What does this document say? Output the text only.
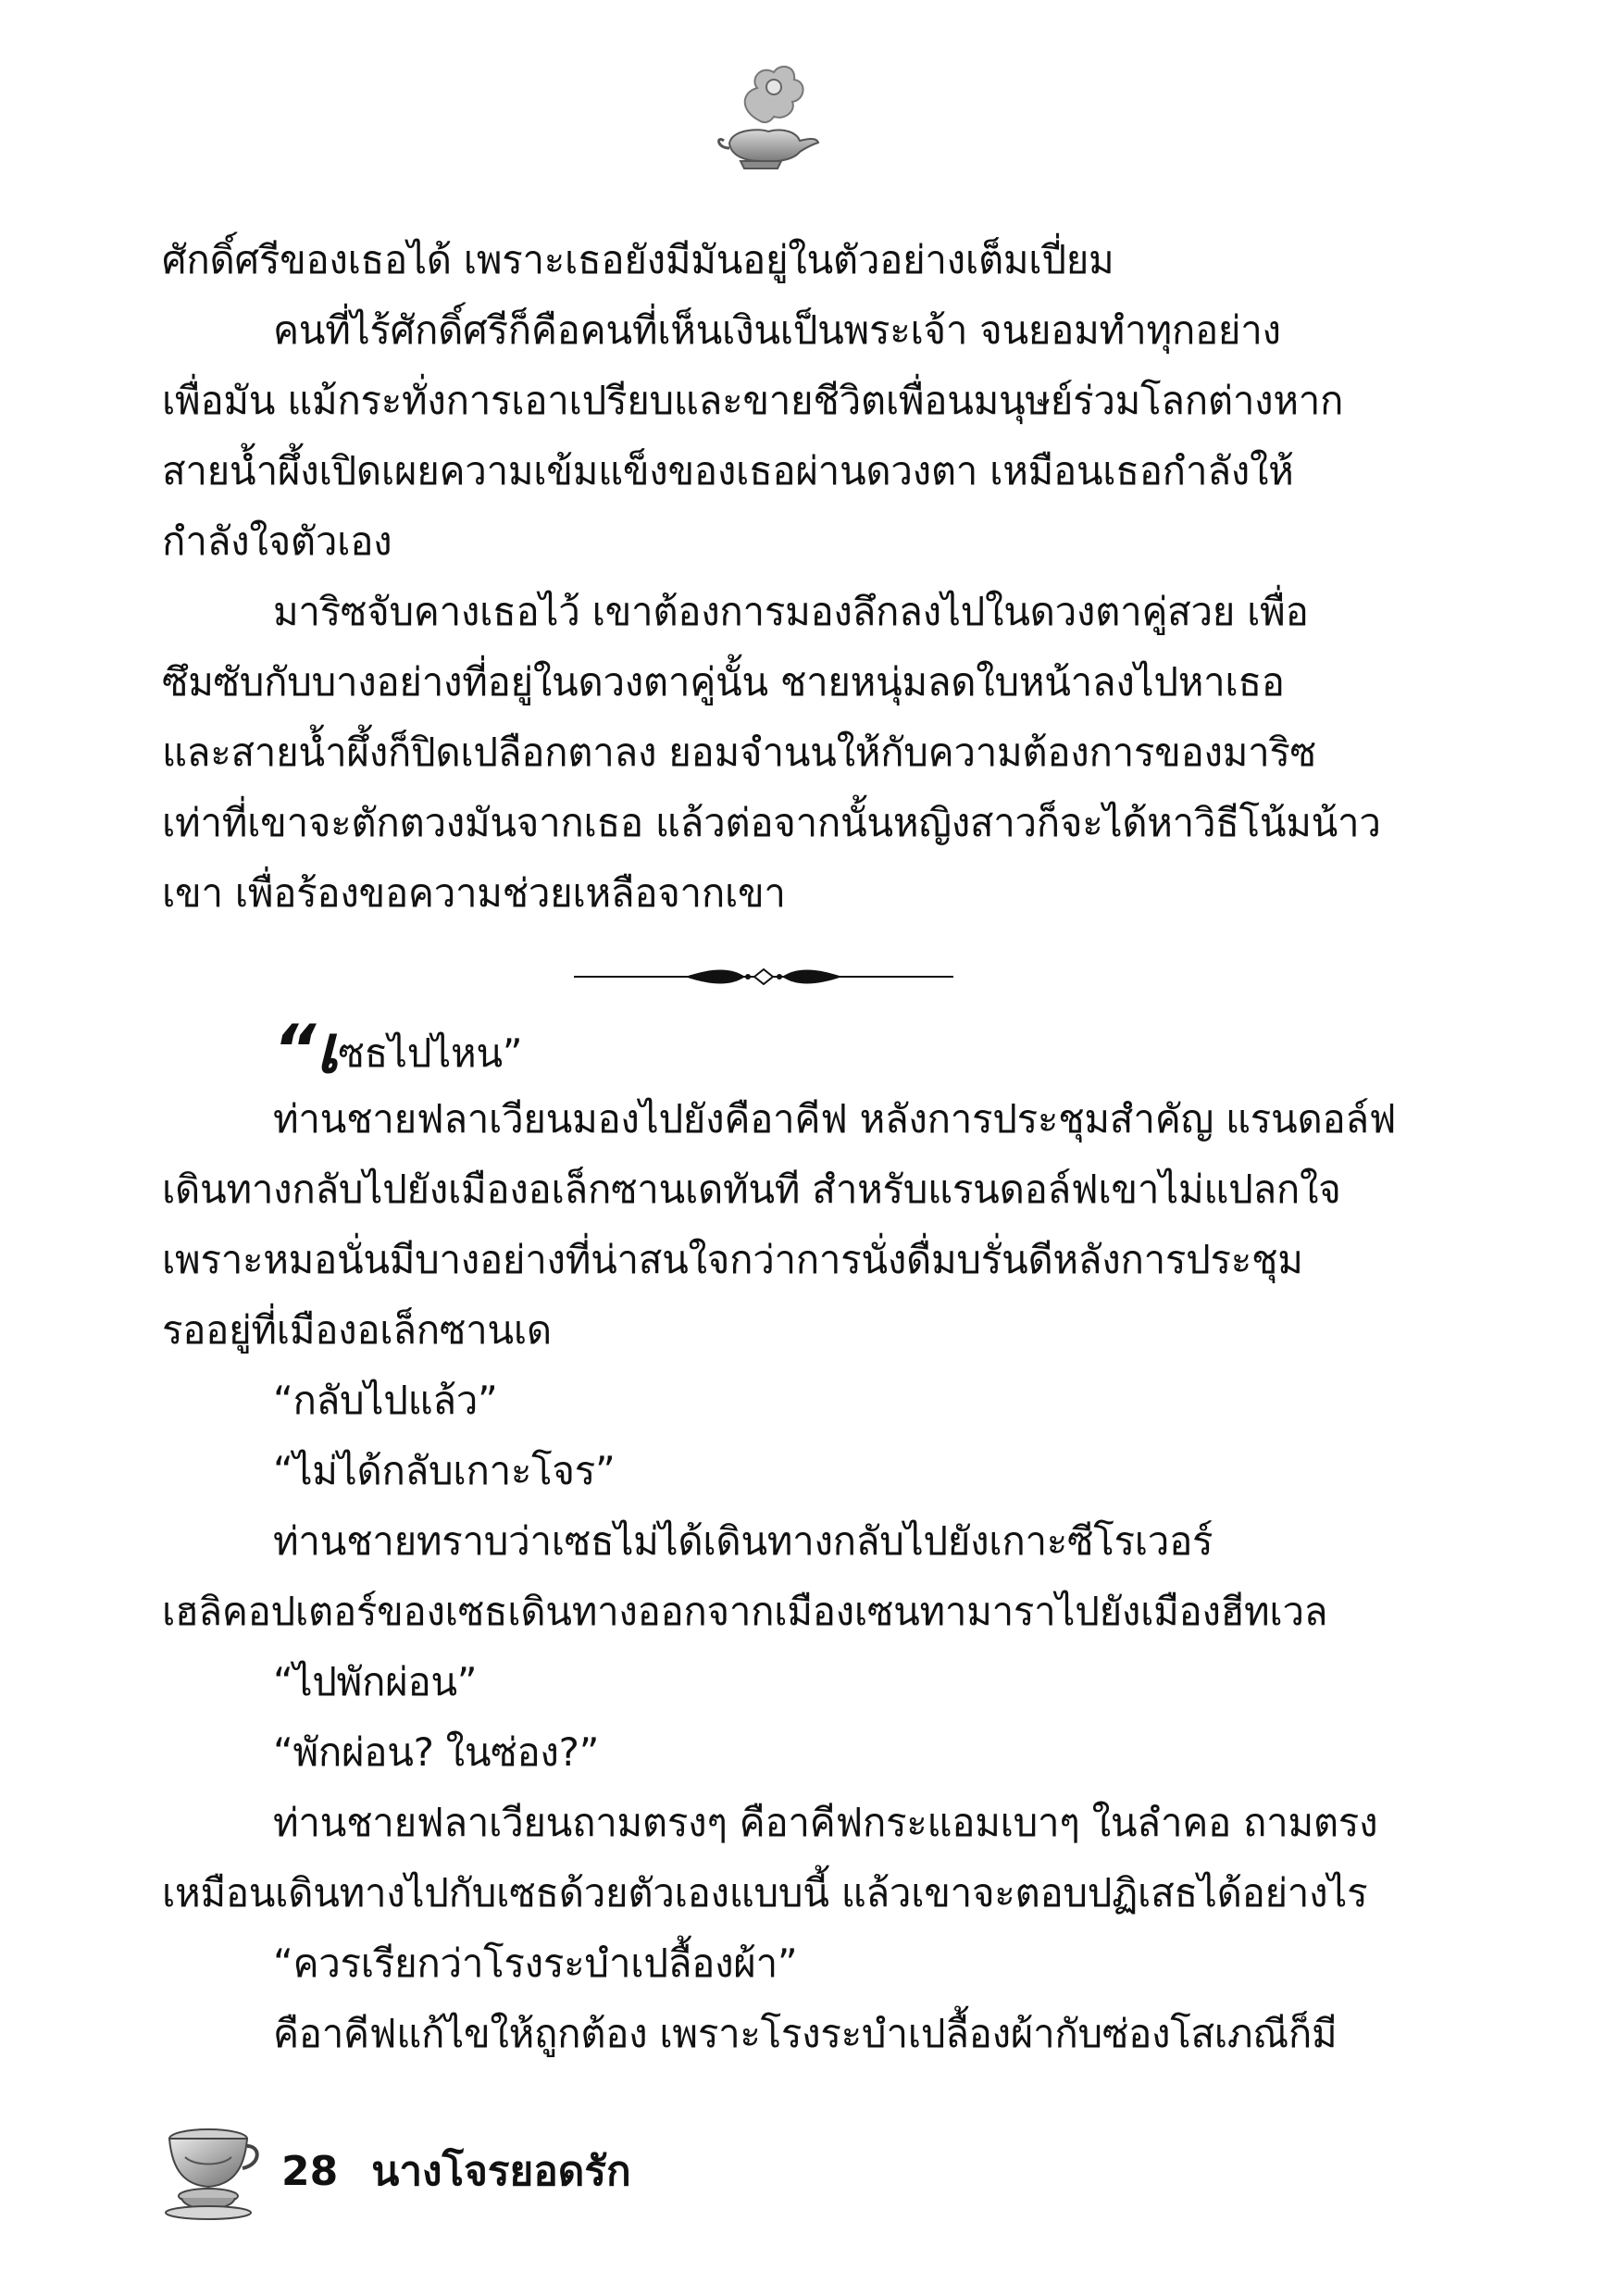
ศักดิ์ศรีของเธอได้ เพราะเธอยังมีมันอยู่ในตัวอย่างเต็มเปี่ยม
คนที่ไร้ศักดิ์ศรีก็คือคนที่เห็นเงินเป็นพระเจ้า จนยอมทำทุกอย่าง
เพื่อมัน แม้กระทั่งการเอาเปรียบและขายชีวิตเพื่อนมนุษย์ร่วมโลกต่างหาก
สายน้ำผึ้งเปิดเผยความเข้มแข็งของเธอผ่านดวงตา เหมือนเธอกำลังให้
กำลังใจตัวเอง
มาริซจับคางเธอไว้ เขาต้องการมองลึกลงไปในดวงตาคู่สวย เพื่อ
ซึมซับกับบางอย่างที่อยู่ในดวงตาคู่นั้น ชายหนุ่มลดใบหน้าลงไปหาเธอ
และสายน้ำผึ้งก็ปิดเปลือกตาลง ยอมจำนนให้กับความต้องการของมาริซ
เท่าที่เขาจะตักตวงมันจากเธอ แล้วต่อจากนั้นหญิงสาวก็จะได้หาวิธีโน้มน้าว
เขา เพื่อร้องขอความช่วยเหลือจากเขา
“เซธไปไหน”
ท่านชายฟลาเวียนมองไปยังคือาคีฟ หลังการประชุมสำคัญ แรนดอล์ฟ
เดินทางกลับไปยังเมืองอเล็กซานเดทันที สำหรับแรนดอล์ฟเขาไม่แปลกใจ
เพราะหมอนั่นมีบางอย่างที่น่าสนใจกว่าการนั่งดื่มบรั่นดีหลังการประชุม
รออยู่ที่เมืองอเล็กซานเด
“กลับไปแล้ว”
“ไม่ได้กลับเกาะโจร”
ท่านชายทราบว่าเซธไม่ได้เดินทางกลับไปยังเกาะซีโรเวอร์
เฮลิคอปเตอร์ของเซธเดินทางออกจากเมืองเซนทามาราไปยังเมืองฮีทเวล
“ไปพักผ่อน”
“พักผ่อน? ในซ่อง?”
ท่านชายฟลาเวียนถามตรงๆ คือาคีฟกระแอมเบาๆ ในลำคอ ถามตรง
เหมือนเดินทางไปกับเซธด้วยตัวเองแบบนี้ แล้วเขาจะตอบปฏิเสธได้อย่างไร
“ควรเรียกว่าโรงระบำเปลื้องผ้า”
คือาคีฟแก้ไขให้ถูกต้อง เพราะโรงระบำเปลื้องผ้ากับซ่องโสเภณีก็มี
28 นางโจรยอดรัก
